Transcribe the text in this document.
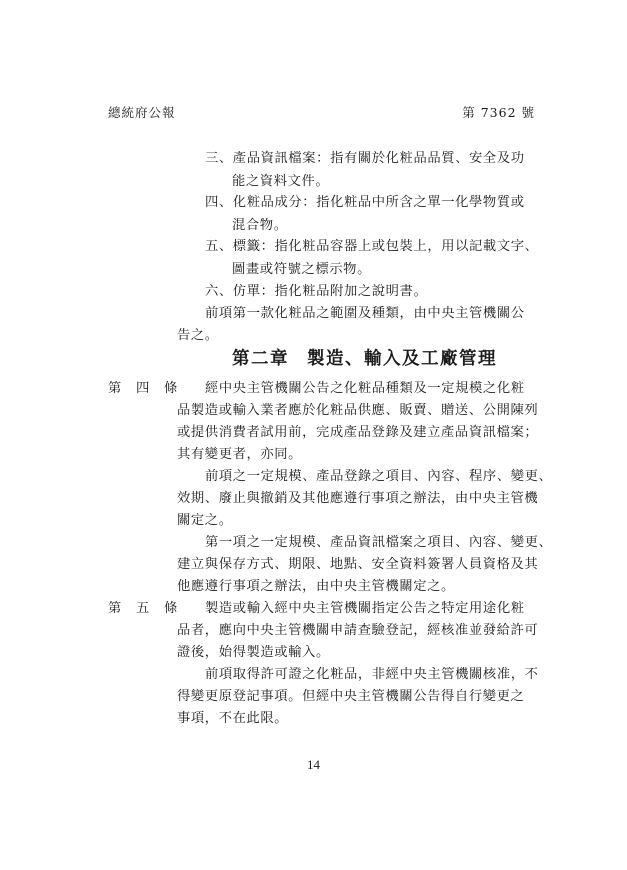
總統府公報	第 7362 號
三、產品資訊檔案：指有關於化粧品品質、安全及功
能之資料文件。
四、化粧品成分：指化粧品中所含之單一化學物質或
混合物。
五、標籤：指化粧品容器上或包裝上，用以記載文字、
圖畫或符號之標示物。
六、仿單：指化粧品附加之說明書。
前項第一款化粧品之範圍及種類，由中央主管機關公
告之。
第二章 製造、輸入及工廠管理
第 四 條	經中央主管機關公告之化粧品種類及一定規模之化粧
品製造或輸入業者應於化粧品供應、販賣、贈送、公開陳列
或提供消費者試用前，完成產品登錄及建立產品資訊檔案；
其有變更者，亦同。
前項之一定規模、產品登錄之項目、內容、程序、變更、
效期、廢止與撤銷及其他應遵行事項之辦法，由中央主管機
關定之。
第一項之一定規模、產品資訊檔案之項目、內容、變更、
建立與保存方式、期限、地點、安全資料簽署人員資格及其
他應遵行事項之辦法，由中央主管機關定之。
第 五 條	製造或輸入經中央主管機關指定公告之特定用途化粧
品者，應向中央主管機關申請查驗登記，經核准並發給許可
證後，始得製造或輸入。
前項取得許可證之化粧品，非經中央主管機關核准，不
得變更原登記事項。但經中央主管機關公告得自行變更之
事項，不在此限。
14
